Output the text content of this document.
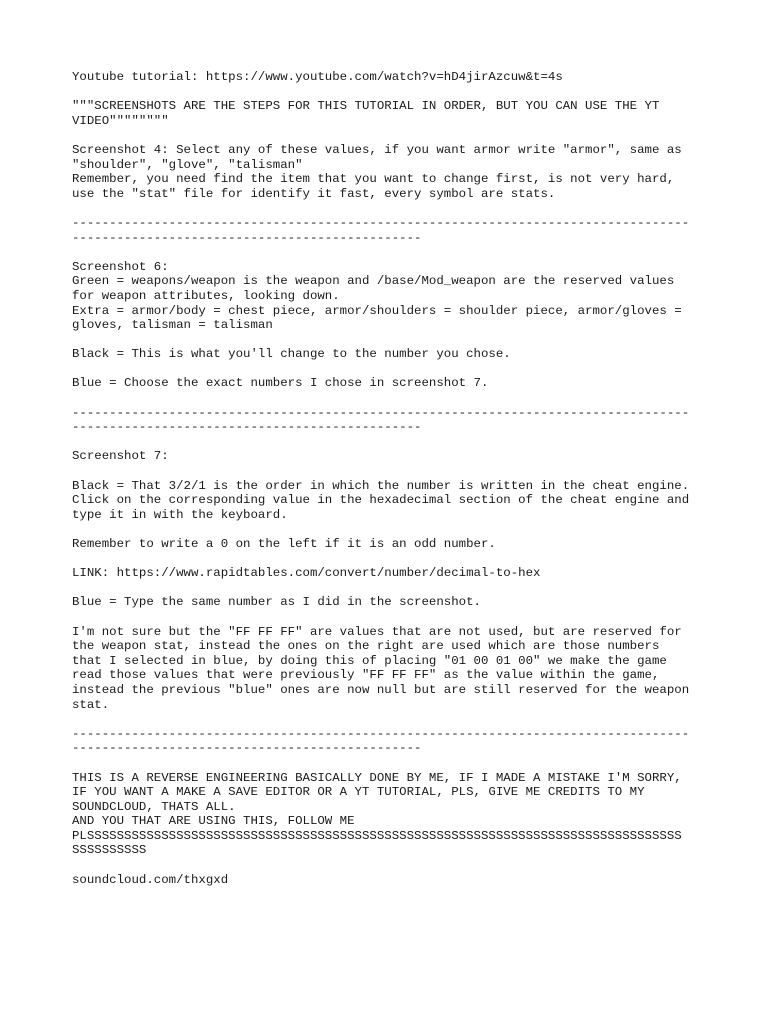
Youtube tutorial: https://www.youtube.com/watch?v=hD4jirAzcuw&t=4s
"""SCREENSHOTS ARE THE STEPS FOR THIS TUTORIAL IN ORDER, BUT YOU CAN USE THE YT
VIDEO""""""""
Screenshot 4: Select any of these values, if you want armor write "armor", same as
"shoulder", "glove", "talisman"
Remember, you need find the item that you want to change first, is not very hard,
use the "stat" file for identify it fast, every symbol are stats.
-----------------------------------------------------------------------------------
-----------------------------------------------
Screenshot 6:
Green = weapons/weapon is the weapon and /base/Mod_weapon are the reserved values
for weapon attributes, looking down.
Extra = armor/body = chest piece, armor/shoulders = shoulder piece, armor/gloves =
gloves, talisman = talisman
Black = This is what you'll change to the number you chose.
Blue = Choose the exact numbers I chose in screenshot 7.
-----------------------------------------------------------------------------------
-----------------------------------------------
Screenshot 7:
Black = That 3/2/1 is the order in which the number is written in the cheat engine.
Click on the corresponding value in the hexadecimal section of the cheat engine and
type it in with the keyboard.
Remember to write a 0 on the left if it is an odd number.
LINK: https://www.rapidtables.com/convert/number/decimal-to-hex
Blue = Type the same number as I did in the screenshot.
I'm not sure but the "FF FF FF" are values that are not used, but are reserved for
the weapon stat, instead the ones on the right are used which are those numbers
that I selected in blue, by doing this of placing "01 00 01 00" we make the game
read those values that were previously "FF FF FF" as the value within the game,
instead the previous "blue" ones are now null but are still reserved for the weapon
stat.
-----------------------------------------------------------------------------------
-----------------------------------------------
THIS IS A REVERSE ENGINEERING BASICALLY DONE BY ME, IF I MADE A MISTAKE I'M SORRY,
IF YOU WANT A MAKE A SAVE EDITOR OR A YT TUTORIAL, PLS, GIVE ME CREDITS TO MY
SOUNDCLOUD, THATS ALL.
AND YOU THAT ARE USING THIS, FOLLOW ME
PLSSSSSSSSSSSSSSSSSSSSSSSSSSSSSSSSSSSSSSSSSSSSSSSSSSSSSSSSSSSSSSSSSSSSSSSSSSSSSSSS
SSSSSSSSSS
soundcloud.com/thxgxd
